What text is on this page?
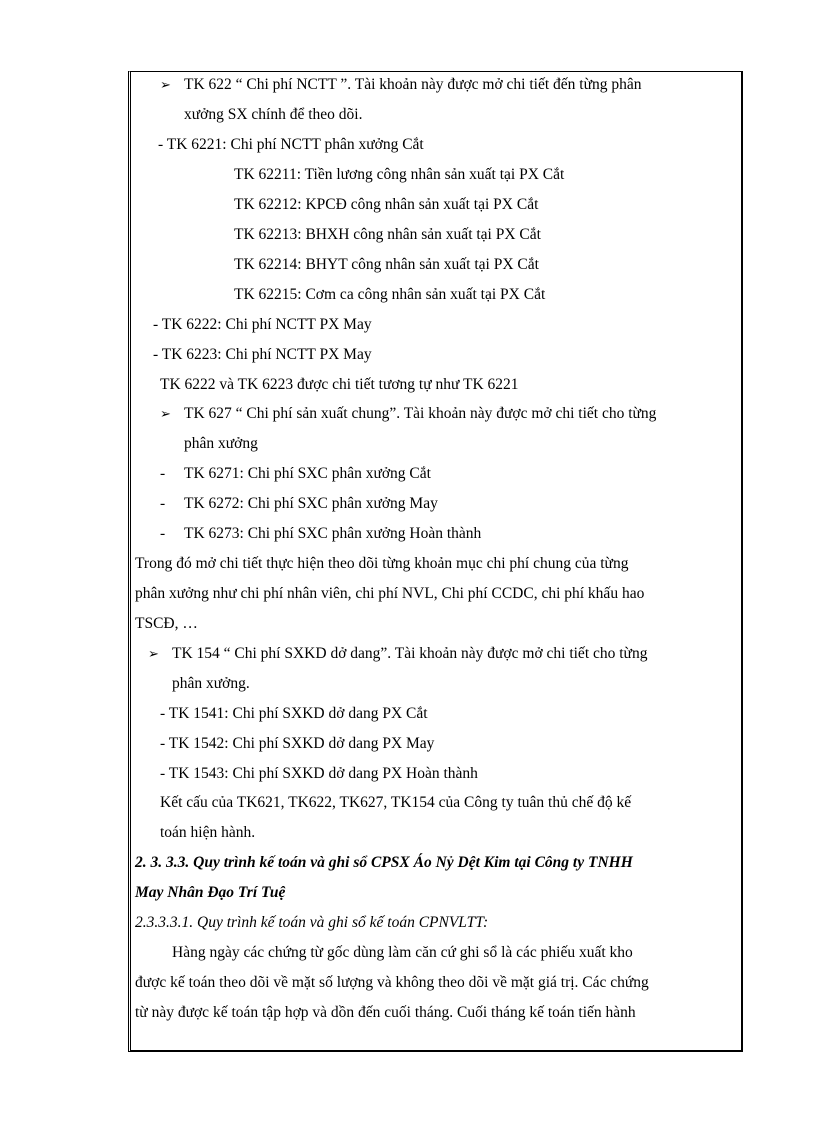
➢ TK 622 “ Chi phí NCTT ”. Tài khoản này được mở chi tiết đến từng phân
xưởng SX chính để theo dõi.
- TK 6221: Chi phí NCTT phân xưởng Cắt
TK 62211: Tiền lương công nhân sản xuất tại PX Cắt
TK 62212: KPCĐ công nhân sản xuất tại PX Cắt
TK 62213: BHXH công nhân sản xuất tại PX Cắt
TK 62214: BHYT công nhân sản xuất tại PX Cắt
TK 62215: Cơm ca công nhân sản xuất tại PX Cắt
- TK 6222: Chi phí NCTT PX May
- TK 6223: Chi phí NCTT PX May
TK 6222 và TK 6223 được chi tiết tương tự như TK 6221
➢ TK 627 “ Chi phí sản xuất chung”. Tài khoản này được mở chi tiết cho từng
phân xưởng
- TK 6271: Chi phí SXC phân xưởng Cắt
- TK 6272: Chi phí SXC phân xưởng May
- TK 6273: Chi phí SXC phân xưởng Hoàn thành
Trong đó mở chi tiết thực hiện theo dõi từng khoản mục chi phí chung của từng
phân xưởng như chi phí nhân viên, chi phí NVL, Chi phí CCDC, chi phí khấu hao
TSCĐ, …
➢ TK 154 “ Chi phí SXKD dở dang”. Tài khoản này được mở chi tiết cho từng
phân xưởng.
- TK 1541: Chi phí SXKD dở dang PX Cắt
- TK 1542: Chi phí SXKD dở dang PX May
- TK 1543: Chi phí SXKD dở dang PX Hoàn thành
Kết cấu của TK621, TK622, TK627, TK154 của Công ty tuân thủ chế độ kế
toán hiện hành.
2. 3. 3.3. Quy trình kế toán và ghi sổ CPSX Áo Nỷ Dệt Kim tại Công ty TNHH
May Nhân Đạo Trí Tuệ
2.3.3.3.1. Quy trình kế toán và ghi sổ kế toán CPNVLTT:
Hàng ngày các chứng từ gốc dùng làm căn cứ ghi sổ là các phiếu xuất kho
được kế toán theo dõi về mặt số lượng và không theo dõi về mặt giá trị. Các chứng
từ này được kế toán tập hợp và dồn đến cuối tháng. Cuối tháng kế toán tiến hành
